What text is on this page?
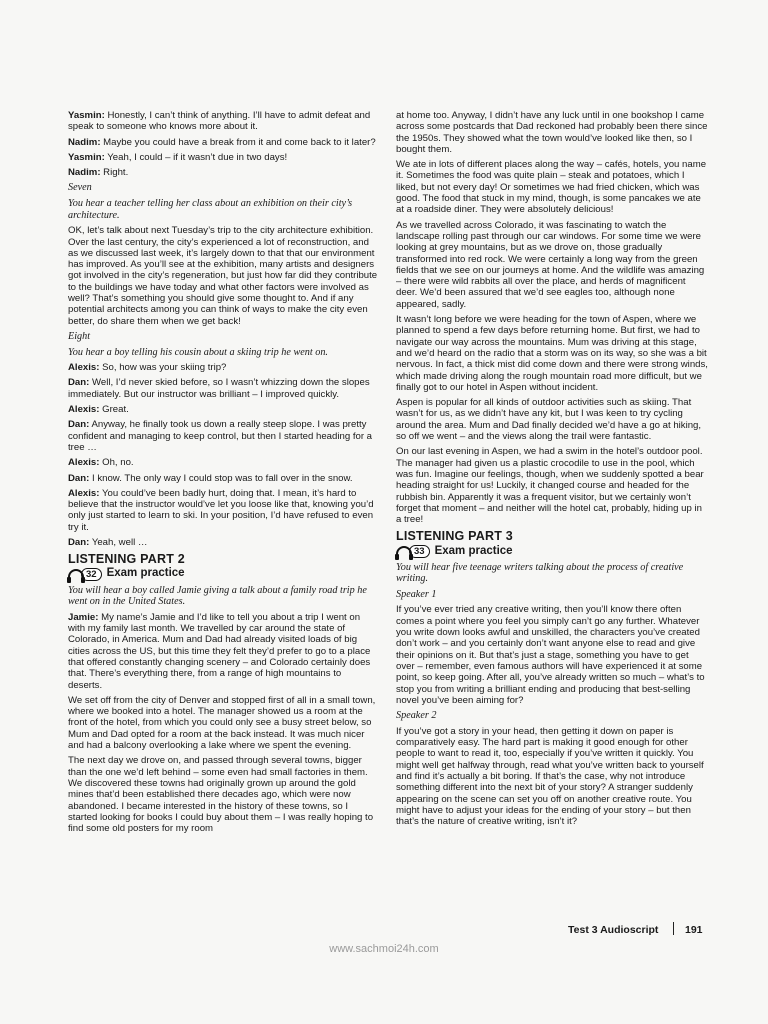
Yasmin: Honestly, I can’t think of anything. I’ll have to admit defeat and speak to someone who knows more about it.

Nadim: Maybe you could have a break from it and come back to it later?

Yasmin: Yeah, I could – if it wasn’t due in two days!

Nadim: Right.

Seven

You hear a teacher telling her class about an exhibition on their city’s architecture.

OK, let’s talk about next Tuesday’s trip to the city architecture exhibition. Over the last century, the city’s experienced a lot of reconstruction, and as we discussed last week, it’s largely down to that that our environment has improved. As you’ll see at the exhibition, many artists and designers got involved in the city’s regeneration, but just how far did they contribute to the buildings we have today and what other factors were involved as well? That’s something you should give some thought to. And if any potential architects among you can think of ways to make the city even better, do share them when we get back!

Eight

You hear a boy telling his cousin about a skiing trip he went on.

Alexis: So, how was your skiing trip?

Dan: Well, I’d never skied before, so I wasn’t whizzing down the slopes immediately. But our instructor was brilliant – I improved quickly.

Alexis: Great.

Dan: Anyway, he finally took us down a really steep slope. I was pretty confident and managing to keep control, but then I started heading for a tree …

Alexis: Oh, no.

Dan: I know. The only way I could stop was to fall over in the snow.

Alexis: You could’ve been badly hurt, doing that. I mean, it’s hard to believe that the instructor would’ve let you loose like that, knowing you’d only just started to learn to ski. In your position, I’d have refused to even try it.

Dan: Yeah, well …

LISTENING PART 2
32 Exam practice

You will hear a boy called Jamie giving a talk about a family road trip he went on in the United States.

Jamie: My name’s Jamie and I’d like to tell you about a trip I went on with my family last month. We travelled by car around the state of Colorado, in America. Mum and Dad had already visited loads of big cities across the US, but this time they felt they’d prefer to go to a place that offered constantly changing scenery – and Colorado certainly does that. There’s everything there, from a range of high mountains to deserts.

We set off from the city of Denver and stopped first of all in a small town, where we booked into a hotel. The manager showed us a room at the front of the hotel, from which you could only see a busy street below, so Mum and Dad opted for a room at the back instead. It was much nicer and had a balcony overlooking a lake where we spent the evening.

The next day we drove on, and passed through several towns, bigger than the one we’d left behind – some even had small factories in them. We discovered these towns had originally grown up around the gold mines that’d been established there decades ago, which were now abandoned. I became interested in the history of these towns, so I started looking for books I could buy about them – I was really hoping to find some old posters for my room

at home too. Anyway, I didn’t have any luck until in one bookshop I came across some postcards that Dad reckoned had probably been there since the 1950s. They showed what the town would’ve looked like then, so I bought them.

We ate in lots of different places along the way – cafés, hotels, you name it. Sometimes the food was quite plain – steak and potatoes, which I liked, but not every day! Or sometimes we had fried chicken, which was good. The food that stuck in my mind, though, is some pancakes we ate at a roadside diner. They were absolutely delicious!

As we travelled across Colorado, it was fascinating to watch the landscape rolling past through our car windows. For some time we were looking at grey mountains, but as we drove on, those gradually transformed into red rock. We were certainly a long way from the green fields that we see on our journeys at home. And the wildlife was amazing – there were wild rabbits all over the place, and herds of magnificent deer. We’d been assured that we’d see eagles too, although none appeared, sadly.

It wasn’t long before we were heading for the town of Aspen, where we planned to spend a few days before returning home. But first, we had to navigate our way across the mountains. Mum was driving at this stage, and we’d heard on the radio that a storm was on its way, so she was a bit nervous. In fact, a thick mist did come down and there were strong winds, which made driving along the rough mountain road more difficult, but we finally got to our hotel in Aspen without incident.

Aspen is popular for all kinds of outdoor activities such as skiing. That wasn’t for us, as we didn’t have any kit, but I was keen to try cycling around the area. Mum and Dad finally decided we’d have a go at hiking, so off we went – and the views along the trail were fantastic.

On our last evening in Aspen, we had a swim in the hotel’s outdoor pool. The manager had given us a plastic crocodile to use in the pool, which was fun. Imagine our feelings, though, when we suddenly spotted a bear heading straight for us! Luckily, it changed course and headed for the rubbish bin. Apparently it was a frequent visitor, but we certainly won’t forget that moment – and neither will the hotel cat, probably, hiding up in a tree!

LISTENING PART 3
33 Exam practice

You will hear five teenage writers talking about the process of creative writing.

Speaker 1

If you’ve ever tried any creative writing, then you’ll know there often comes a point where you feel you simply can’t go any further. Whatever you write down looks awful and unskilled, the characters you’ve created don’t work – and you certainly don’t want anyone else to read and give their opinions on it. But that’s just a stage, something you have to get over – remember, even famous authors will have experienced it at some point, so keep going. After all, you’ve already written so much – what’s to stop you from writing a brilliant ending and producing that best-selling novel you’ve been aiming for?

Speaker 2

If you’ve got a story in your head, then getting it down on paper is comparatively easy. The hard part is making it good enough for other people to want to read it, too, especially if you’ve written it quickly. You might well get halfway through, read what you’ve written back to yourself and find it’s actually a bit boring. If that’s the case, why not introduce something different into the next bit of your story? A stranger suddenly appearing on the scene can set you off on another creative route. You might have to adjust your ideas for the ending of your story – but then that’s the nature of creative writing, isn’t it?

Test 3 Audioscript	191
www.sachmoi24h.com
